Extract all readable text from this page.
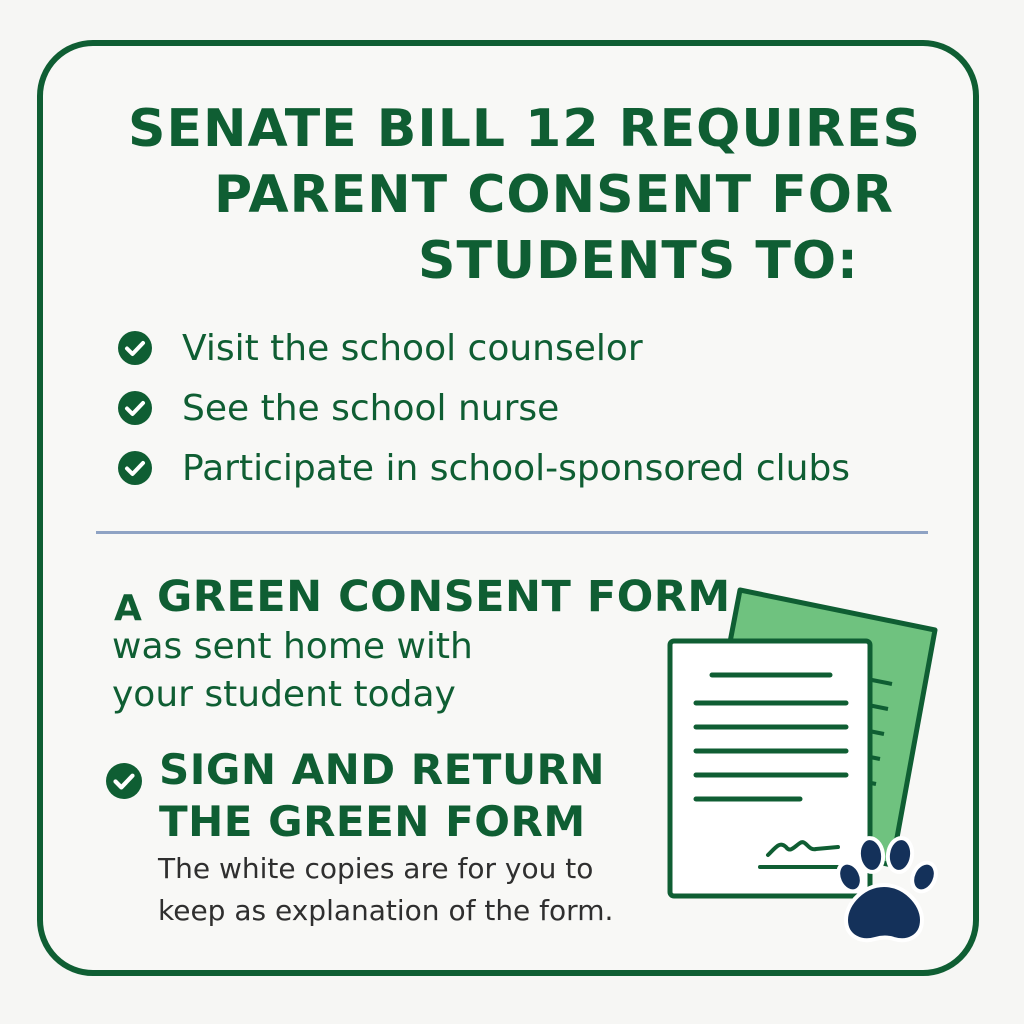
SENATE BILL 12 REQUIRES
PARENT CONSENT FOR
STUDENTS TO:
Visit the school counselor
See the school nurse
Participate in school-sponsored clubs
A GREEN CONSENT FORM
was sent home with
your student today
SIGN AND RETURN
THE GREEN FORM
The white copies are for you to
keep as explanation of the form.
